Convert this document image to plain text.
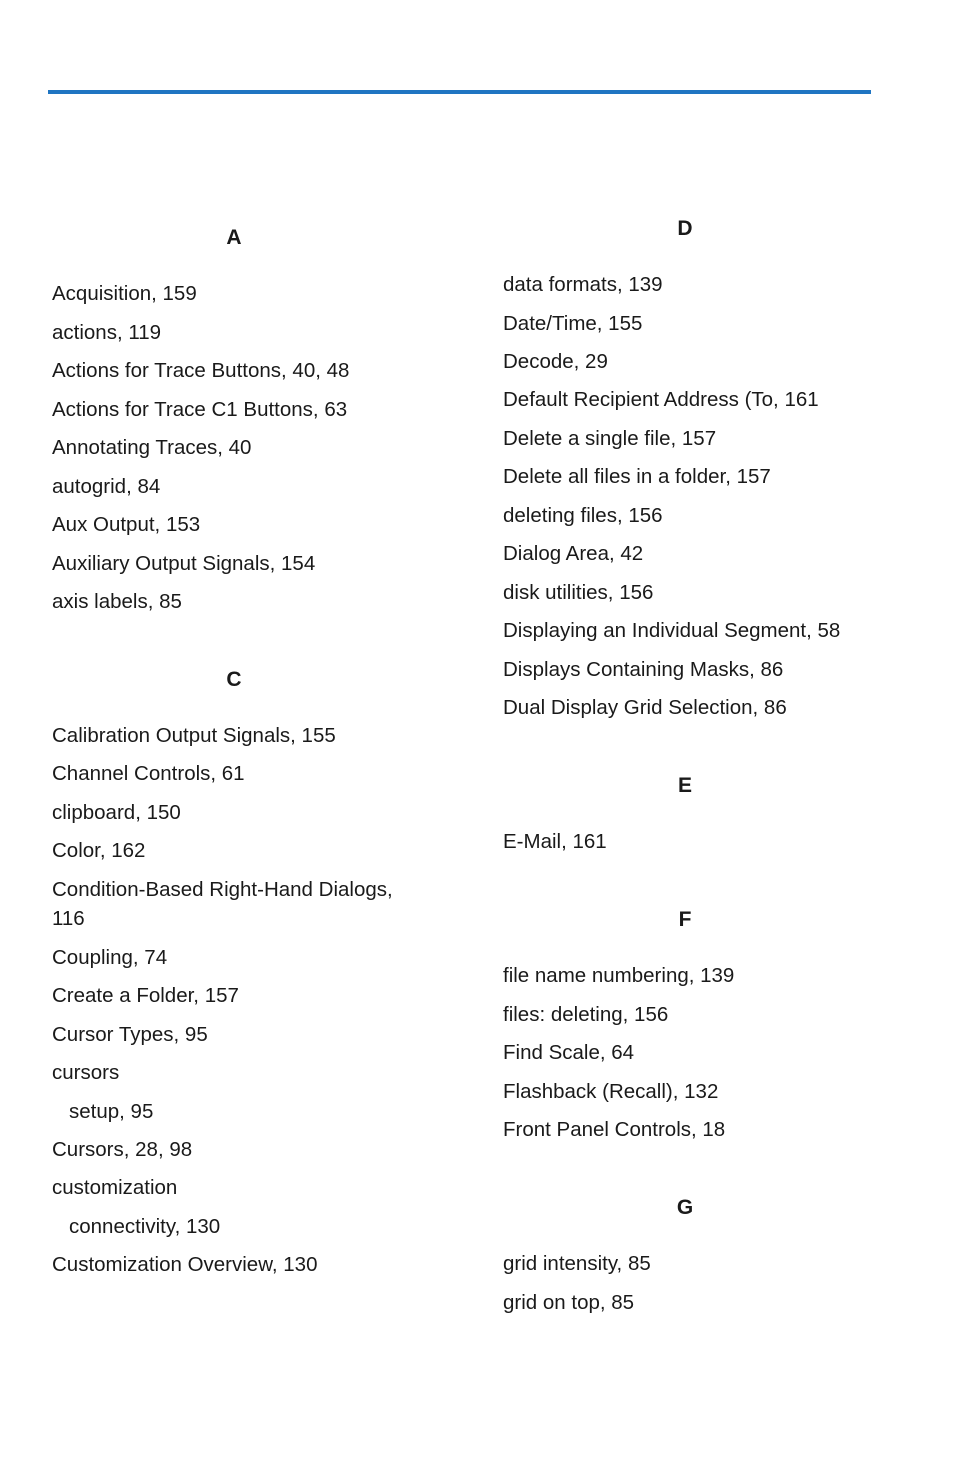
A
Acquisition, 159
actions, 119
Actions for Trace Buttons, 40, 48
Actions for Trace C1 Buttons, 63
Annotating Traces, 40
autogrid, 84
Aux Output, 153
Auxiliary Output Signals, 154
axis labels, 85
C
Calibration Output Signals, 155
Channel Controls, 61
clipboard, 150
Color, 162
Condition-Based Right-Hand Dialogs, 116
Coupling, 74
Create a Folder, 157
Cursor Types, 95
cursors
setup, 95
Cursors, 28, 98
customization
connectivity, 130
Customization Overview, 130
D
data formats, 139
Date/Time, 155
Decode, 29
Default Recipient Address (To, 161
Delete a single file, 157
Delete all files in a folder, 157
deleting files, 156
Dialog Area, 42
disk utilities, 156
Displaying an Individual Segment, 58
Displays Containing Masks, 86
Dual Display Grid Selection, 86
E
E-Mail, 161
F
file name numbering, 139
files: deleting, 156
Find Scale, 64
Flashback (Recall), 132
Front Panel Controls, 18
G
grid intensity, 85
grid on top, 85
